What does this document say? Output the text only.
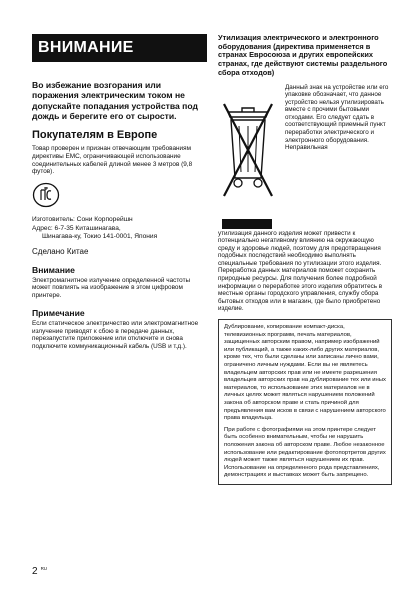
ВНИМАНИЕ

Во избежание возгорания или поражения электрическим током не допускайте попадания устройства под дождь и берегите его от сырости.

Покупателям в Европе

Товар проверен и признан отвечающим требованиям директивы ЕМС, ограничивающей использование соединительных кабелей длиной менее 3 метров (9,8 футов).

Изготовитель: Сони Корпорейшн
Адрес: 6-7-35 Киташинагава,
Шинагава-ку, Токио 141-0001, Япония
Сделано Китае
Внимание

Электромагнитное излучение определенной частоты может повлиять на изображение в этом цифровом принтере.

Примечание

Если статическое электричество или электромагнитное излучение приводят к сбою в передаче данных, перезапустите приложение или отключите и снова подключите коммуникационный кабель (USB и т.д.).

Утилизация электрического и электронного оборудования (директива применяется в странах Евросоюза и других европейских странах, где действуют системы раздельного сбора отходов)
Данный знак на устройстве или его упаковке обозначает, что данное устройство нельзя утилизировать вместе с прочими бытовыми отходами. Его следует сдать в соответствующий приемный пункт переработки электрического и электронного оборудования. Неправильная
утилизация данного изделия может привести к потенциально негативному влиянию на окружающую среду и здоровье людей, поэтому для предотвращения подобных последствий необходимо выполнять специальные требования по утилизации этого изделия. Переработка данных материалов поможет сохранить природные ресурсы. Для получения более подробной информации о переработке этого изделия обратитесь в местные органы городского управления, службу сбора бытовых отходов или в магазин, где было приобретено изделие.

Дублирование, копирование компакт-диска, телевизионных программ, печать материалов, защищенных авторским правом, например изображений или публикаций, а также каких-либо других материалов, кроме тех, что были сделаны или записаны лично вами, ограничено личным нуждами. Если вы не являетесь владельцем авторских прав или не имеете разрешения владельцев авторских прав на дублирование тех или иных материалов, то использование этих материалов не в личных целях может являться нарушением положений закона об авторском праве и стать причиной для предъявления вам исков в связи с нарушением авторского права владельца.

При работе с фотографиями на этом принтере следует быть особенно внимательным, чтобы не нарушить положения закона об авторском праве. Любое незаконное использование или редактирование фотопортретов других людей может также являться нарушением их прав. Использование на определенного рода представлениях, демонстрациях и выставках может быть запрещено.

2 $^{RU}$
